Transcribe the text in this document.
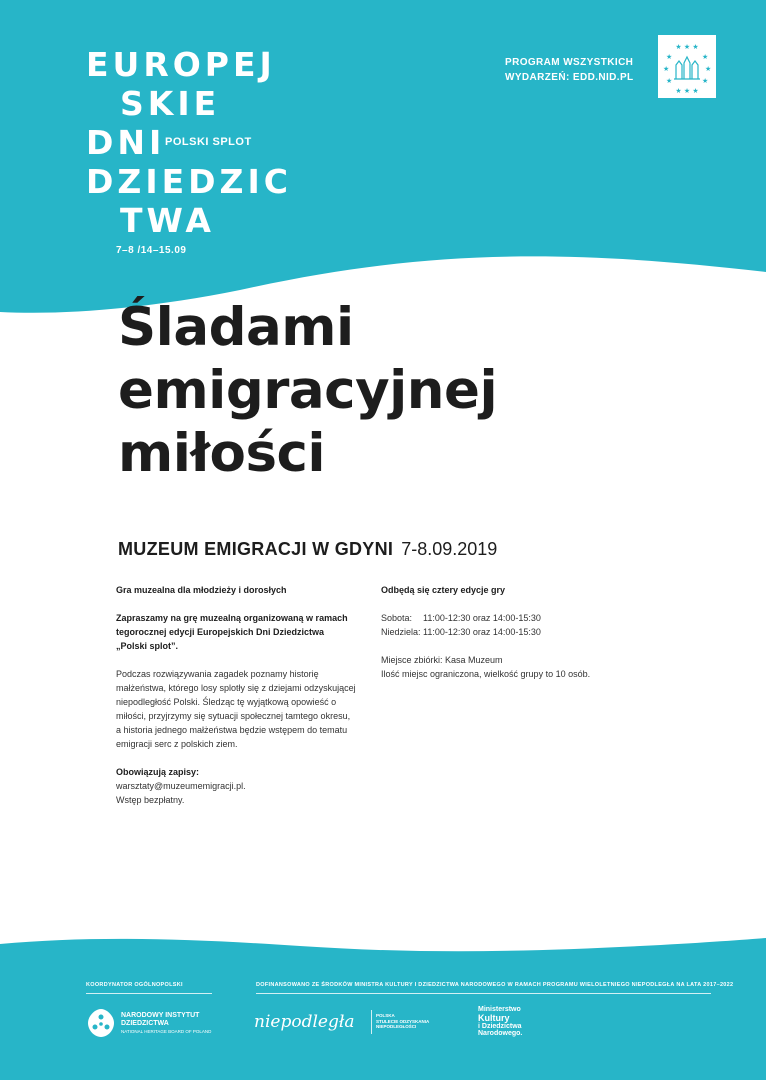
EUROPEJ
SKIE
DNI POLSKI SPLOT
DZIEDZIC
TWA
7–8 /14–15.09
PROGRAM WSZYSTKICH
WYDARZEŃ: EDD.NID.PL
★ ★ ★
★	★
★	★
★	★
★ ★ ★
Śladami
emigracyjnej
miłości
MUZEUM EMIGRACJI W GDYNI 7-8.09.2019
Gra muzealna dla młodzieży i dorosłych
Zapraszamy na grę muzealną organizowaną w ramach tegorocznej edycji Europejskich Dni Dziedzictwa „Polski splot”.
Podczas rozwiązywania zagadek poznamy historię małżeństwa, którego losy splotły się z dziejami odzyskującej niepodległość Polski. Śledząc tę wyjątkową opowieść o miłości, przyjrzymy się sytuacji społecznej tamtego okresu, a historia jednego małżeństwa będzie wstępem do tematu emigracji serc z polskich ziem.
Obowiązują zapisy:
warsztaty@muzeumemigracji.pl.
Wstęp bezpłatny.
Odbędą się cztery edycje gry
Sobota: 11:00-12:30 oraz 14:00-15:30
Niedziela: 11:00-12:30 oraz 14:00-15:30
Miejsce zbiórki: Kasa Muzeum
Ilość miejsc ograniczona, wielkość grupy to 10 osób.
KOORDYNATOR OGÓLNOPOLSKI	DOFINANSOWANO ZE ŚRODKÓW MINISTRA KULTURY I DZIEDZICTWA NARODOWEGO W RAMACH PROGRAMU WIELOLETNIEGO NIEPODLEGŁA NA LATA 2017–2022
NARODOWY INSTYTUT
DZIEDZICTWA
NATIONAL HERITAGE BOARD OF POLAND	niepodległa	POLSKA
STULECIE ODZYSKANIA
NIEPODLEGŁOŚCI
Ministerstwo
Kultury
i Dziedzictwa
Narodowego.
